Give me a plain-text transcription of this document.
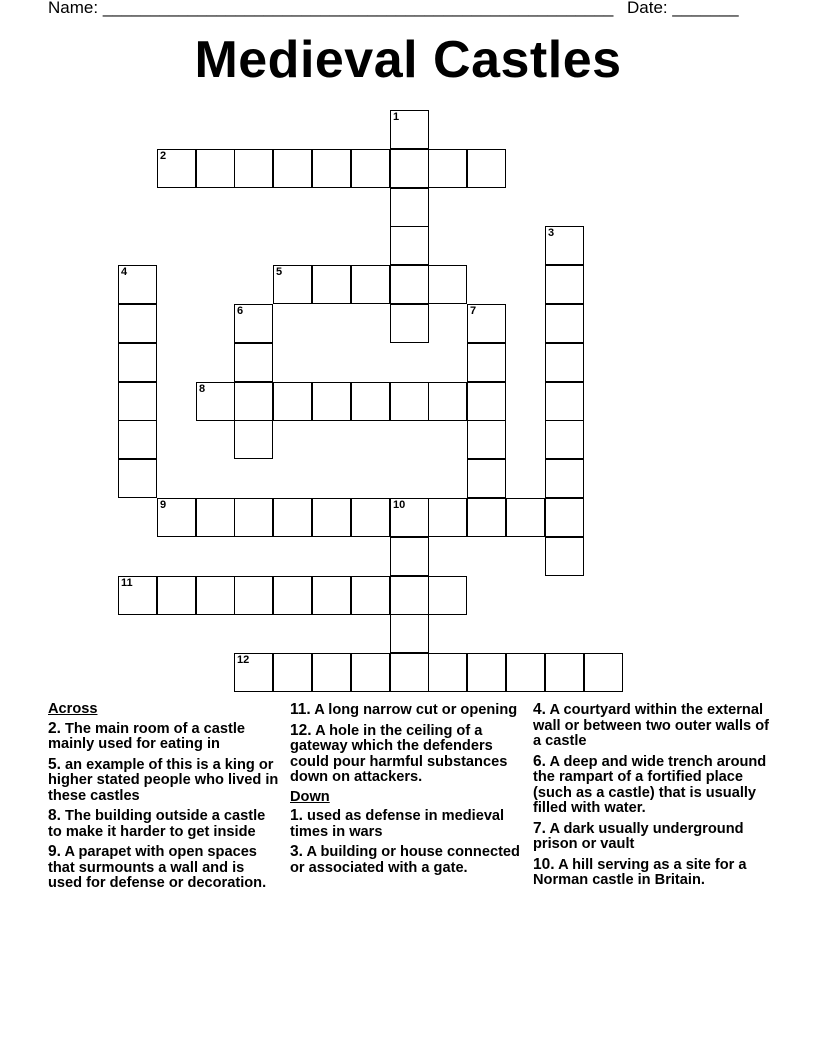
Name: ______________________________________________________ Date: _______
Medieval Castles
1
2
3
4	5
6	7
8
9	10
11
12
Across
2. The main room of a castle mainly used for eating in
5. an example of this is a king or higher stated people who lived in these castles
8. The building outside a castle to make it harder to get inside
9. A parapet with open spaces that surmounts a wall and is used for defense or decoration.
11. A long narrow cut or opening
12. A hole in the ceiling of a gateway which the defenders could pour harmful substances down on attackers.
Down
1. used as defense in medieval times in wars
3. A building or house connected or associated with a gate.
4. A courtyard within the external wall or between two outer walls of a castle
6. A deep and wide trench around the rampart of a fortified place (such as a castle) that is usually filled with water.
7. A dark usually underground prison or vault
10. A hill serving as a site for a Norman castle in Britain.
